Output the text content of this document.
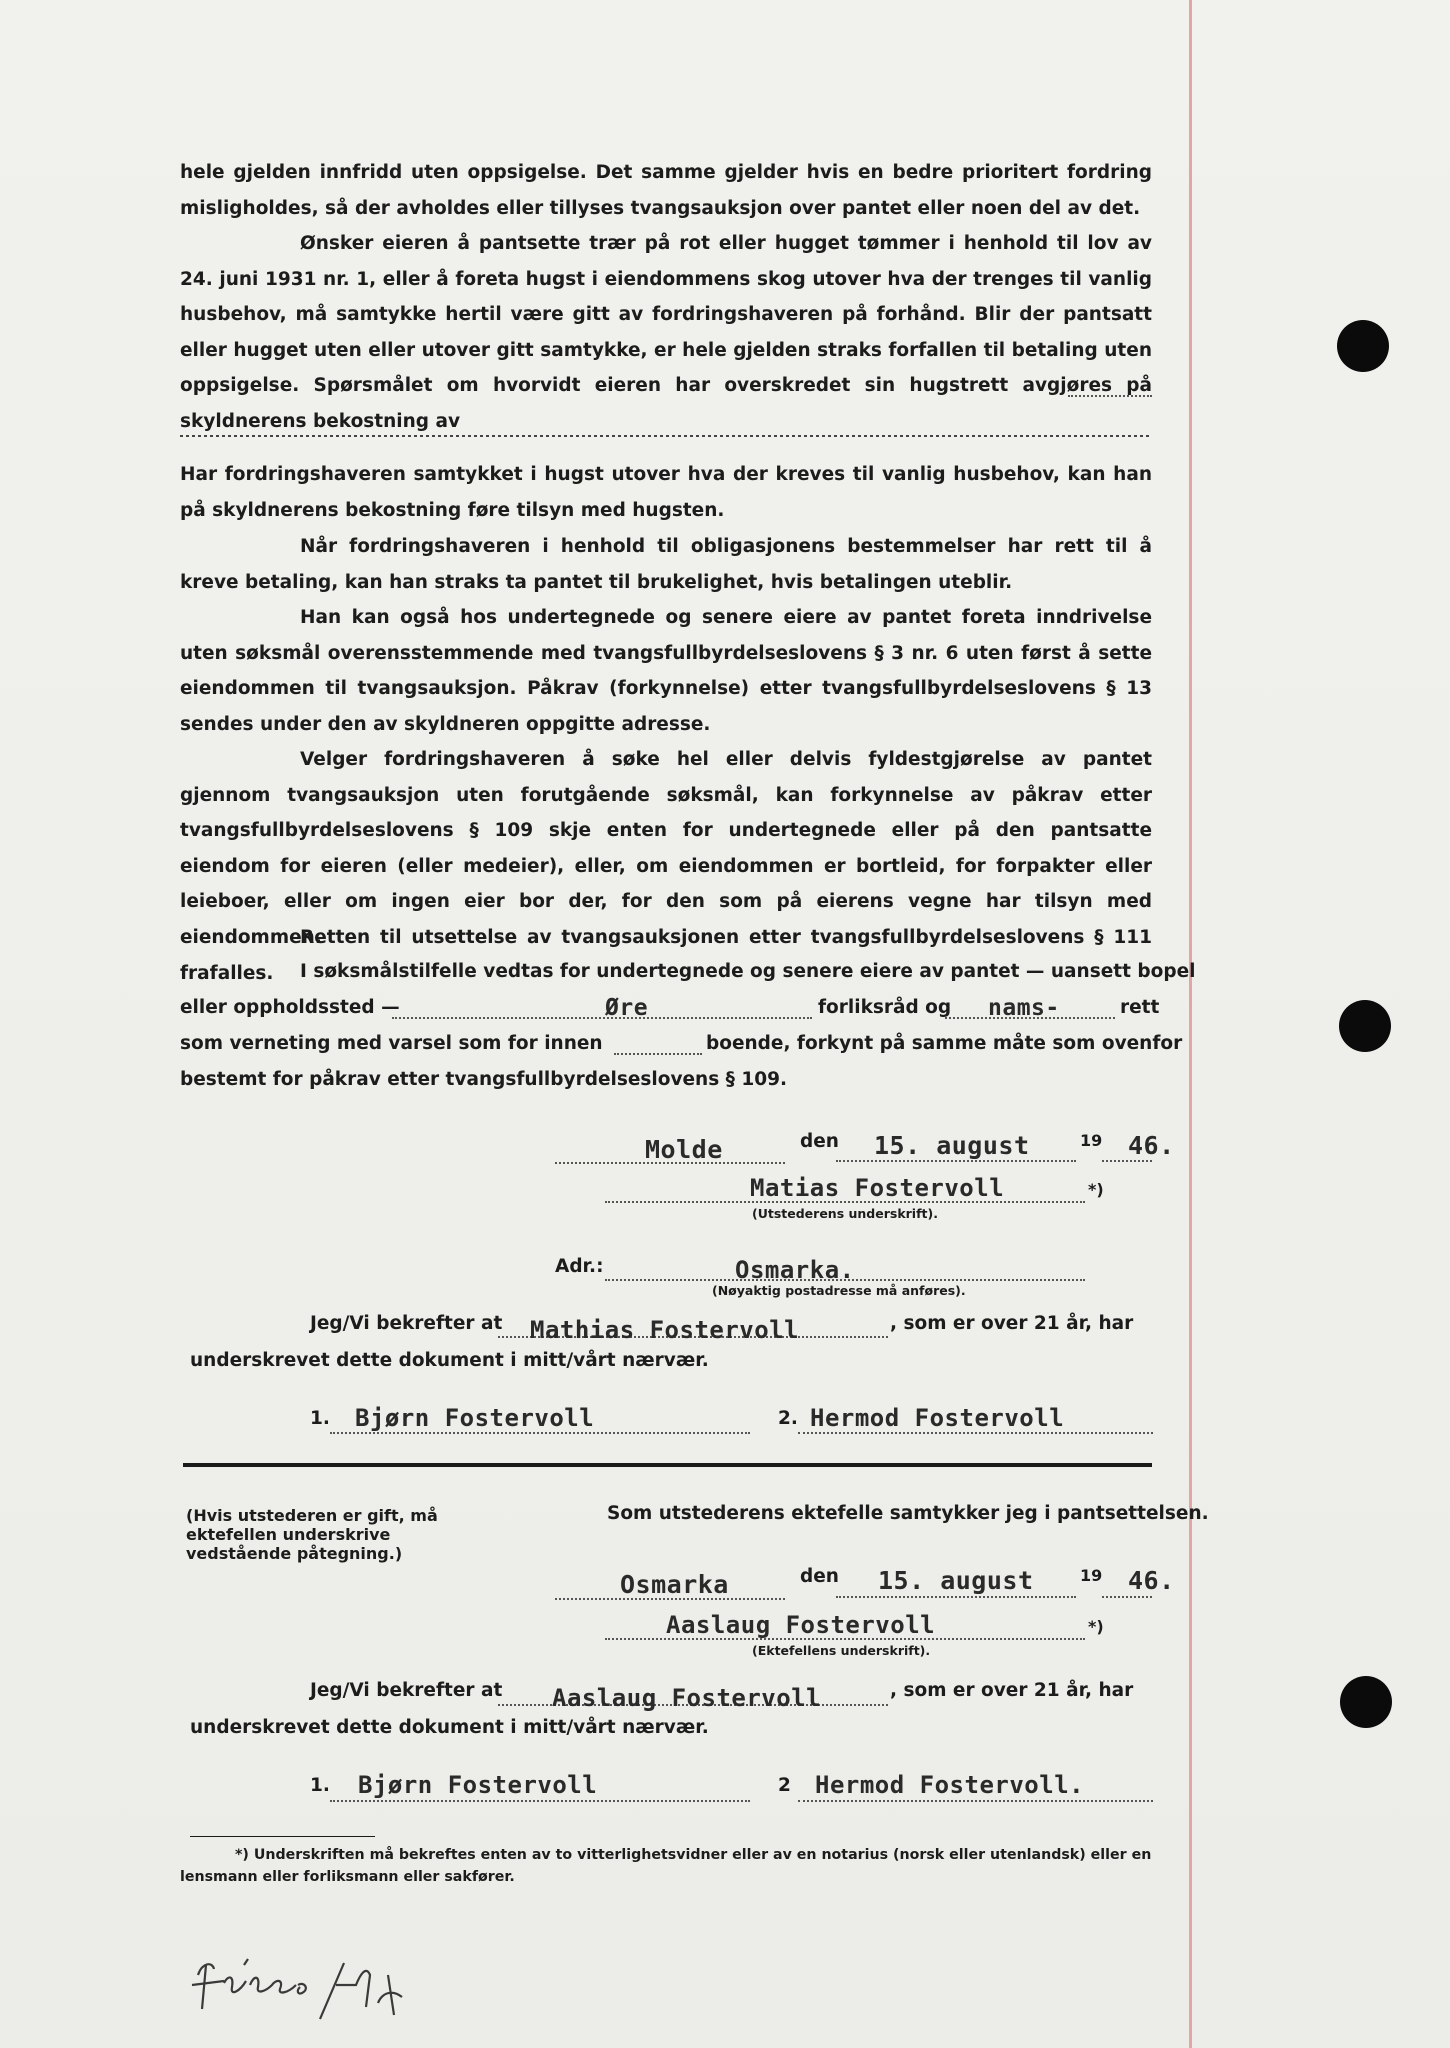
hele gjelden innfridd uten oppsigelse. Det samme gjelder hvis en bedre prioritert fordring misligholdes, så der avholdes eller tillyses tvangsauksjon over pantet eller noen del av det.

Ønsker eieren å pantsette trær på rot eller hugget tømmer i henhold til lov av 24. juni 1931 nr. 1, eller å foreta hugst i eiendommens skog utover hva der trenges til vanlig husbehov, må samtykke hertil være gitt av fordringshaveren på forhånd. Blir der pantsatt eller hugget uten eller utover gitt samtykke, er hele gjelden straks forfallen til betaling uten oppsigelse. Spørsmålet om hvorvidt eieren har overskredet sin hugstrett avgjøres på skyldnerens bekostning av

Har fordringshaveren samtykket i hugst utover hva der kreves til vanlig husbehov, kan han på skyldnerens bekostning føre tilsyn med hugsten.

Når fordringshaveren i henhold til obligasjonens bestemmelser har rett til å kreve betaling, kan han straks ta pantet til brukelighet, hvis betalingen uteblir.

Han kan også hos undertegnede og senere eiere av pantet foreta inndrivelse uten søksmål overensstemmende med tvangsfullbyrdelseslovens § 3 nr. 6 uten først å sette eiendommen til tvangsauksjon. Påkrav (forkynnelse) etter tvangsfullbyrdelseslovens § 13 sendes under den av skyldneren oppgitte adresse.

Velger fordringshaveren å søke hel eller delvis fyldestgjørelse av pantet gjennom tvangsauksjon uten forutgående søksmål, kan forkynnelse av påkrav etter tvangsfullbyrdelseslovens § 109 skje enten for undertegnede eller på den pantsatte eiendom for eieren (eller medeier), eller, om eiendommen er bortleid, for forpakter eller leieboer, eller om ingen eier bor der, for den som på eierens vegne har tilsyn med eiendommen.

Retten til utsettelse av tvangsauksjonen etter tvangsfullbyrdelseslovens § 111 frafalles.	I søksmålstilfelle vedtas for undertegnede og senere eiere av pantet — uansett bopel
eller oppholdssted —	Øre	forliksråd og nams-	rett
som verneting med varsel som for innen	boende, forkynt på samme måte som ovenfor
bestemt for påkrav etter tvangsfullbyrdelseslovens § 109.
Molde	den 15. august	19 46.
Matias Fostervoll	*)
(Utstederens underskrift).
Adr.:	Osmarka.
(Nøyaktig postadresse må anføres).
Jeg/Vi bekrefter at Mathias Fostervoll	, som er over 21 år, har
underskrevet dette dokument i mitt/vårt nærvær.
1. Bjørn Fostervoll	2. Hermod Fostervoll
(Hvis utstederen er gift, må ektefellen underskrive vedstående påtegning.)
Som utstederens ektefelle samtykker jeg i pantsettelsen.
Osmarka	den 15. august	19 46.
Aaslaug Fostervoll	*)
(Ektefellens underskrift).
Jeg/Vi bekrefter at Aaslaug Fostervoll	, som er over 21 år, har
underskrevet dette dokument i mitt/vårt nærvær.
1. Bjørn Fostervoll	2 Hermod Fostervoll.
*) Underskriften må bekreftes enten av to vitterlighetsvidner eller av en notarius (norsk eller utenlandsk) eller en lensmann eller forliksmann eller sakfører.
